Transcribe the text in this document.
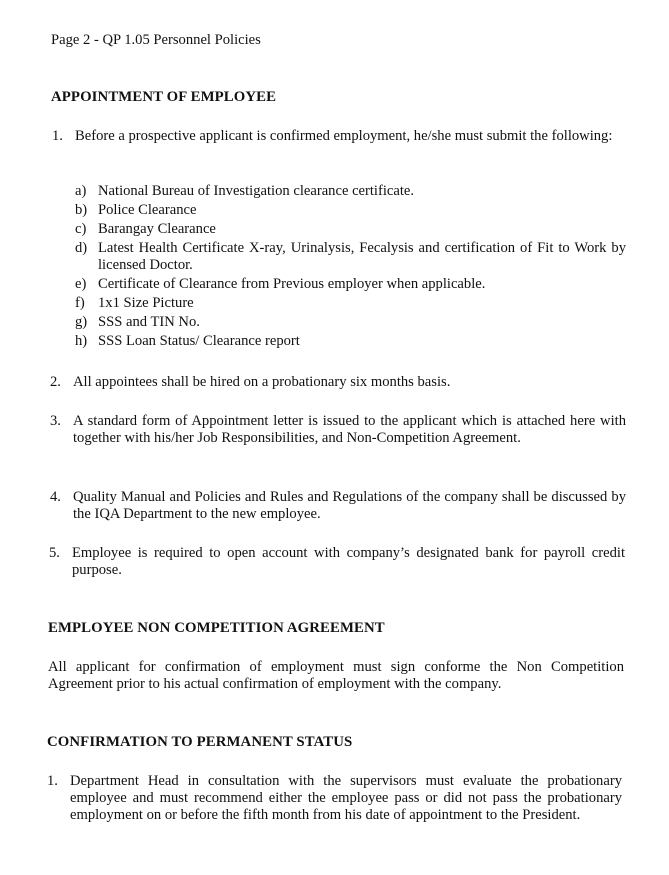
Page 2 - QP 1.05 Personnel Policies
APPOINTMENT OF EMPLOYEE
1. Before a prospective applicant is confirmed employment, he/she must submit the following:
a) National Bureau of Investigation clearance certificate.
b) Police Clearance
c) Barangay Clearance
d) Latest Health Certificate X-ray, Urinalysis, Fecalysis and certification of Fit to Work by licensed Doctor.
e) Certificate of Clearance from Previous employer when applicable.
f) 1x1 Size Picture
g) SSS and TIN No.
h) SSS Loan Status/ Clearance report
2. All appointees shall be hired on a probationary six months basis.
3. A standard form of Appointment letter is issued to the applicant which is attached here with together with his/her Job Responsibilities, and Non-Competition Agreement.
4. Quality Manual and Policies and Rules and Regulations of the company shall be discussed by the IQA Department to the new employee.
5. Employee is required to open account with company’s designated bank for payroll credit purpose.
EMPLOYEE NON COMPETITION AGREEMENT
All applicant for confirmation of employment must sign conforme the Non Competition Agreement prior to his actual confirmation of employment with the company.
CONFIRMATION TO PERMANENT STATUS
1. Department Head in consultation with the supervisors must evaluate the probationary employee and must recommend either the employee pass or did not pass the probationary employment on or before the fifth month from his date of appointment to the President.
